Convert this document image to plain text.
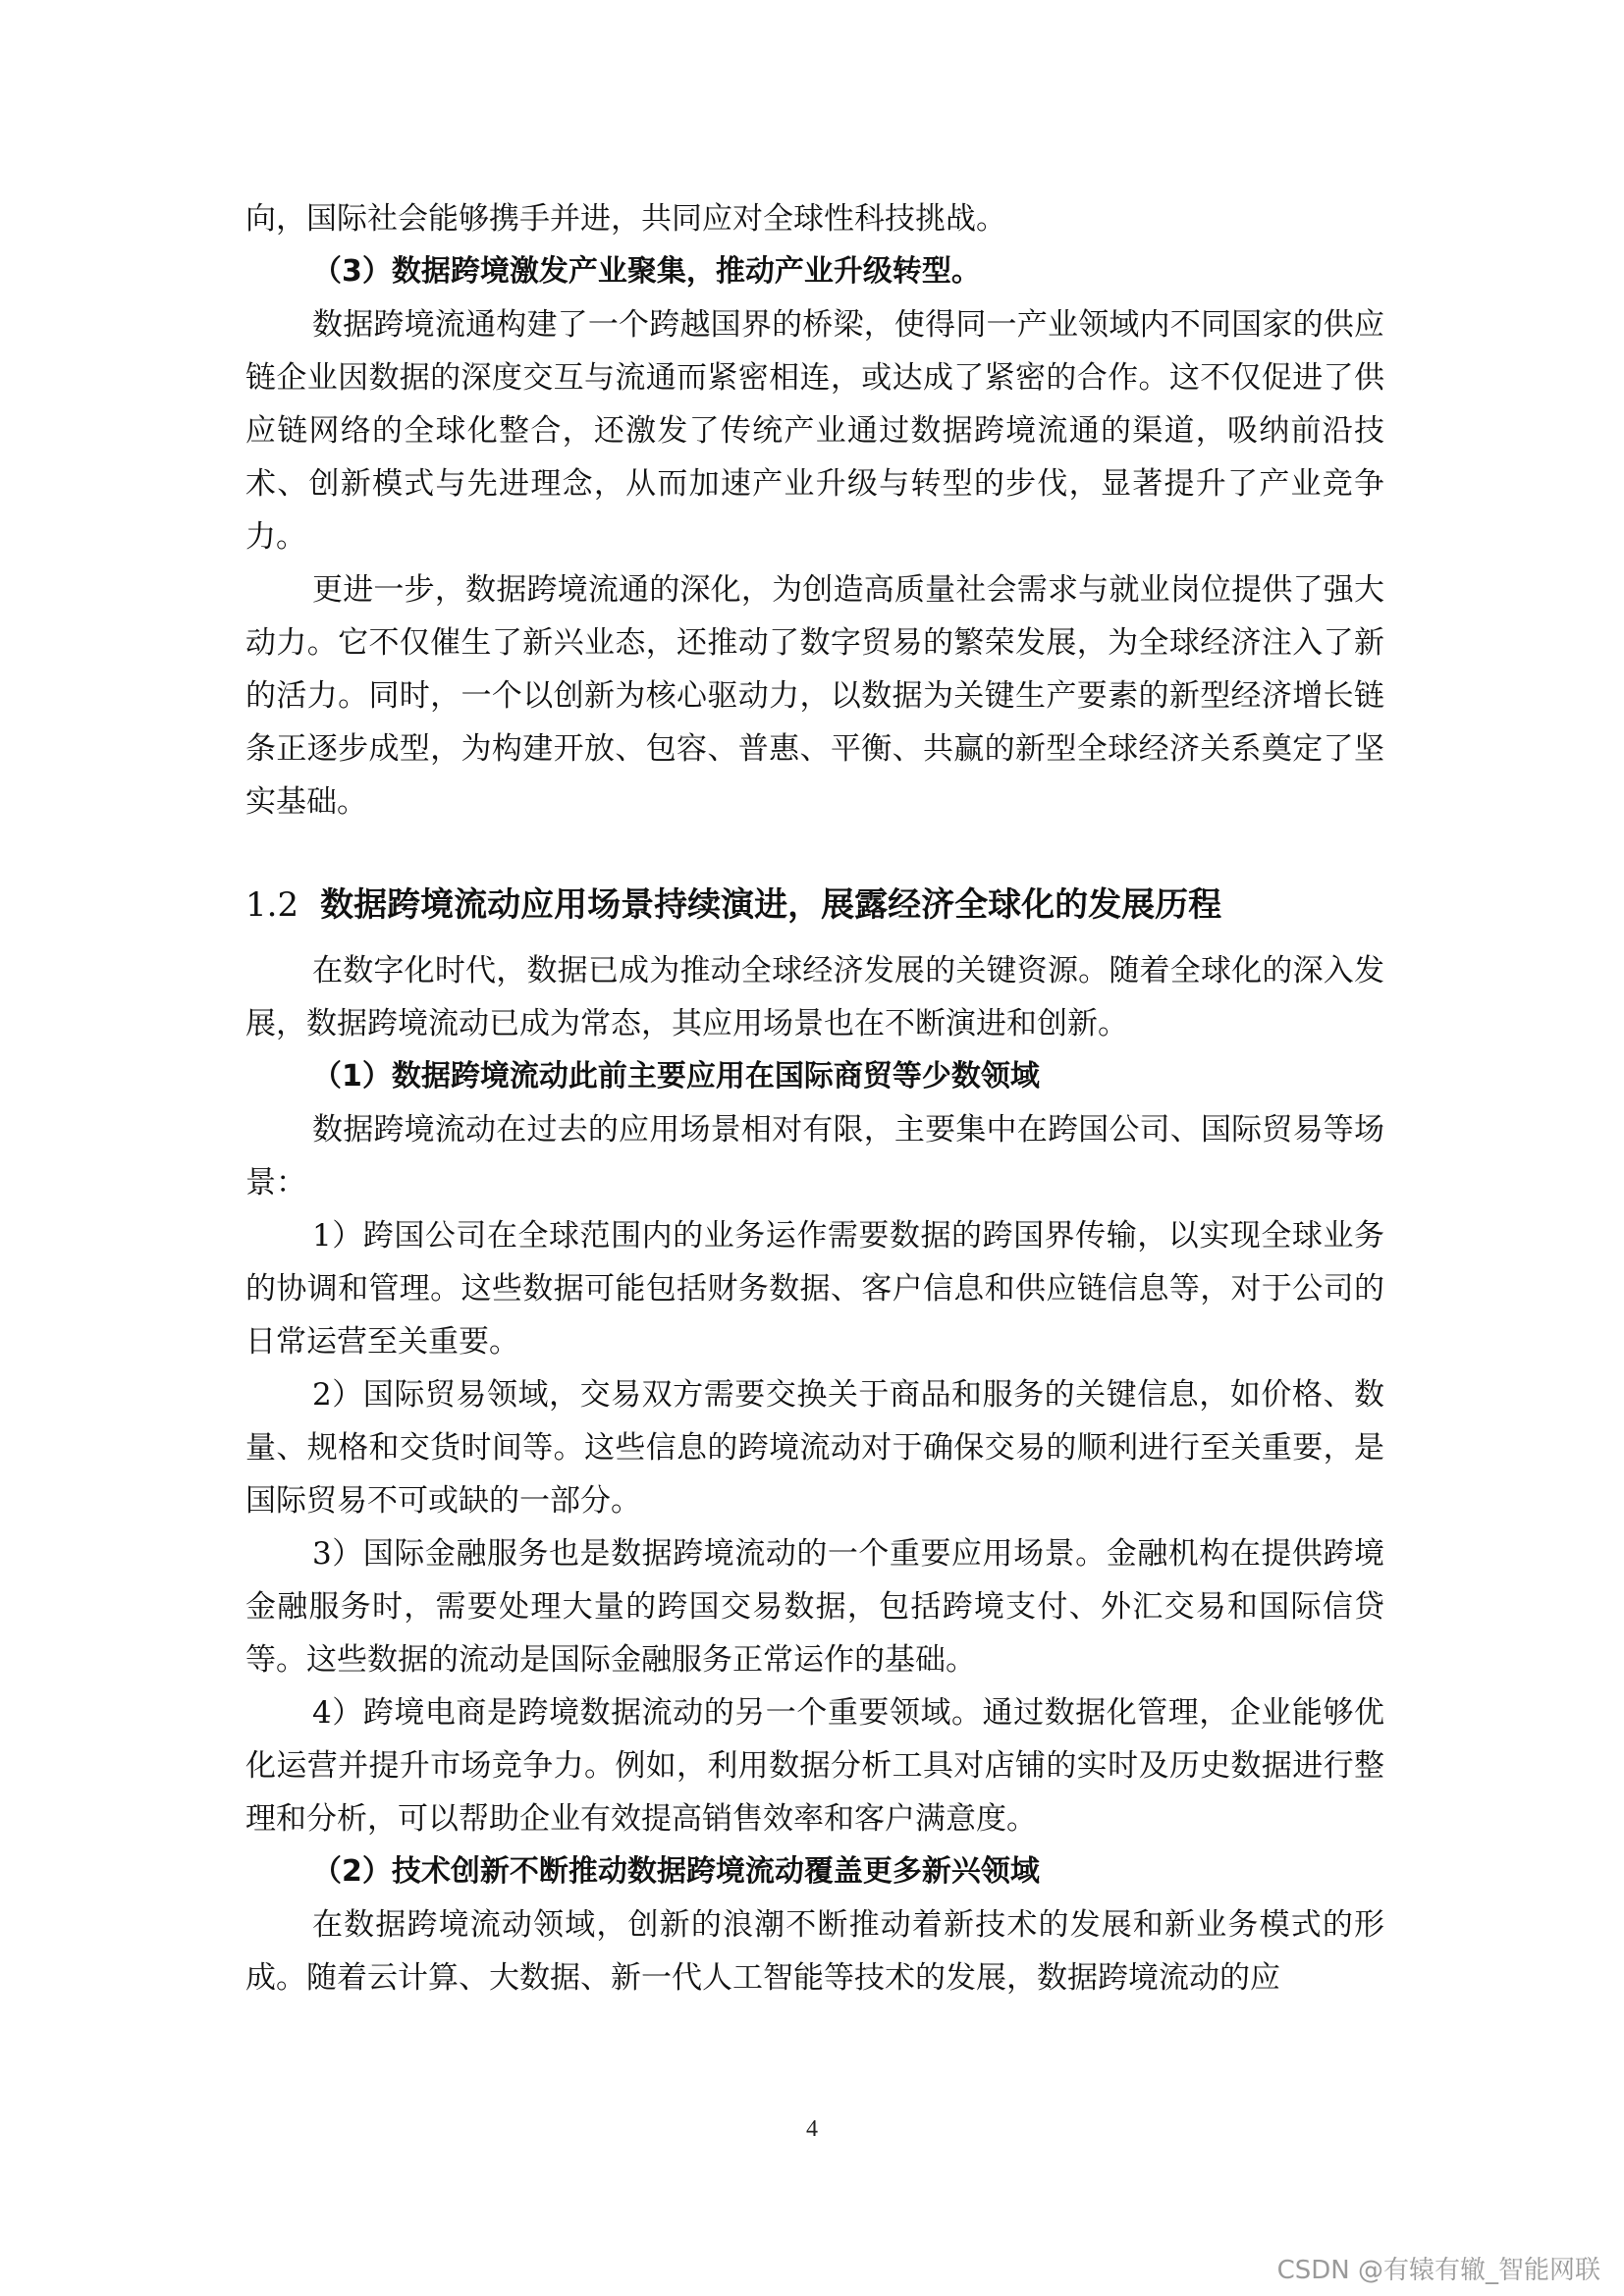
向，国际社会能够携手并进，共同应对全球性科技挑战。

（3）数据跨境激发产业聚集，推动产业升级转型。

数据跨境流通构建了一个跨越国界的桥梁，使得同一产业领域内不同国家的供应链企业因数据的深度交互与流通而紧密相连，或达成了紧密的合作。这不仅促进了供应链网络的全球化整合，还激发了传统产业通过数据跨境流通的渠道，吸纳前沿技术、创新模式与先进理念，从而加速产业升级与转型的步伐，显著提升了产业竞争力。

更进一步，数据跨境流通的深化，为创造高质量社会需求与就业岗位提供了强大动力。它不仅催生了新兴业态，还推动了数字贸易的繁荣发展，为全球经济注入了新的活力。同时，一个以创新为核心驱动力，以数据为关键生产要素的新型经济增长链条正逐步成型，为构建开放、包容、普惠、平衡、共赢的新型全球经济关系奠定了坚实基础。

1.2 数据跨境流动应用场景持续演进，展露经济全球化的发展历程

在数字化时代，数据已成为推动全球经济发展的关键资源。随着全球化的深入发展，数据跨境流动已成为常态，其应用场景也在不断演进和创新。

（1）数据跨境流动此前主要应用在国际商贸等少数领域

数据跨境流动在过去的应用场景相对有限，主要集中在跨国公司、国际贸易等场景：

1）跨国公司在全球范围内的业务运作需要数据的跨国界传输，以实现全球业务的协调和管理。这些数据可能包括财务数据、客户信息和供应链信息等，对于公司的日常运营至关重要。

2）国际贸易领域，交易双方需要交换关于商品和服务的关键信息，如价格、数量、规格和交货时间等。这些信息的跨境流动对于确保交易的顺利进行至关重要，是国际贸易不可或缺的一部分。

3）国际金融服务也是数据跨境流动的一个重要应用场景。金融机构在提供跨境金融服务时，需要处理大量的跨国交易数据，包括跨境支付、外汇交易和国际信贷等。这些数据的流动是国际金融服务正常运作的基础。

4）跨境电商是跨境数据流动的另一个重要领域。通过数据化管理，企业能够优化运营并提升市场竞争力。例如，利用数据分析工具对店铺的实时及历史数据进行整理和分析，可以帮助企业有效提高销售效率和客户满意度。

（2）技术创新不断推动数据跨境流动覆盖更多新兴领域

在数据跨境流动领域，创新的浪潮不断推动着新技术的发展和新业务模式的形成。随着云计算、大数据、新一代人工智能等技术的发展，数据跨境流动的应

4
CSDN @有辕有辙_智能网联
